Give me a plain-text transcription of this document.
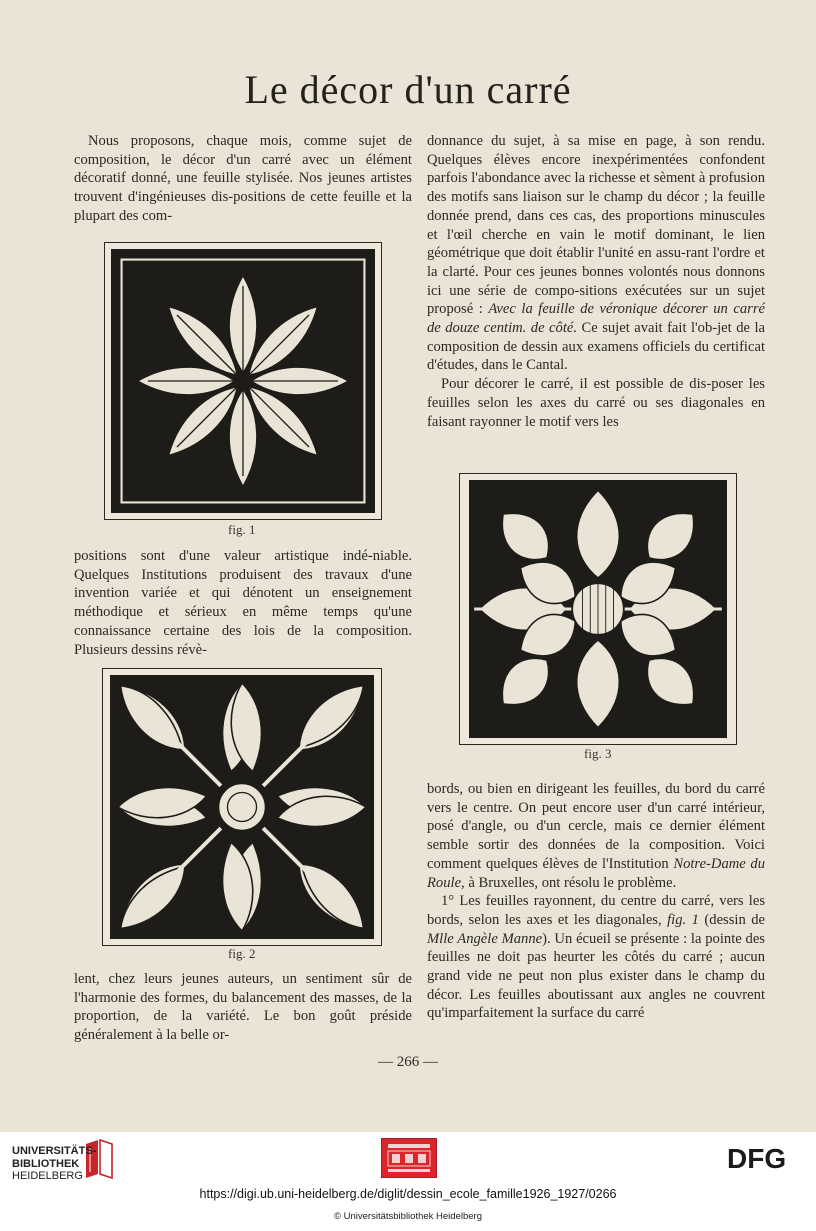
Le décor d'un carré

Nous proposons, chaque mois, comme sujet de composition, le décor d'un carré avec un élément décoratif donné, une feuille stylisée. Nos jeunes artistes trouvent d'ingénieuses dis-positions de cette feuille et la plupart des com-

fig. 1

positions sont d'une valeur artistique indé-niable. Quelques Institutions produisent des travaux d'une invention variée et qui dénotent un enseignement méthodique et sérieux en même temps qu'une connaissance certaine des lois de la composition. Plusieurs dessins révè-

fig. 2

lent, chez leurs jeunes auteurs, un sentiment sûr de l'harmonie des formes, du balancement des masses, de la proportion, de la variété. Le bon goût préside généralement à la belle or-

donnance du sujet, à sa mise en page, à son rendu. Quelques élèves encore inexpérimentées confondent parfois l'abondance avec la richesse et sèment à profusion des motifs sans liaison sur le champ du décor ; la feuille donnée prend, dans ces cas, des proportions minuscules et l'œil cherche en vain le motif dominant, le lien géométrique que doit établir l'unité en assu-rant l'ordre et la clarté. Pour ces jeunes bonnes volontés nous donnons ici une série de compo-sitions exécutées sur un sujet proposé : Avec la feuille de véronique décorer un carré de douze centim. de côté. Ce sujet avait fait l'ob-jet de la composition de dessin aux examens officiels du certificat d'études, dans le Cantal.

Pour décorer le carré, il est possible de dis-poser les feuilles selon les axes du carré ou ses diagonales en faisant rayonner le motif vers les

fig. 3

bords, ou bien en dirigeant les feuilles, du bord du carré vers le centre. On peut encore user d'un carré intérieur, posé d'angle, ou d'un cercle, mais ce dernier élément semble sortir des données de la composition. Voici comment quelques élèves de l'Institution Notre-Dame du Roule, à Bruxelles, ont résolu le problème.

1° Les feuilles rayonnent, du centre du carré, vers les bords, selon les axes et les diagonales, fig. 1 (dessin de Mlle Angèle Manne). Un écueil se présente : la pointe des feuilles ne doit pas heurter les côtés du carré ; aucun grand vide ne peut non plus exister dans le champ du décor. Les feuilles aboutissant aux angles ne couvrent qu'imparfaitement la surface du carré

— 266 —
UNIVERSITÄTS-
BIBLIOTHEK
HEIDELBERG
DFG
https://digi.ub.uni-heidelberg.de/diglit/dessin_ecole_famille1926_1927/0266
© Universitätsbibliothek Heidelberg
